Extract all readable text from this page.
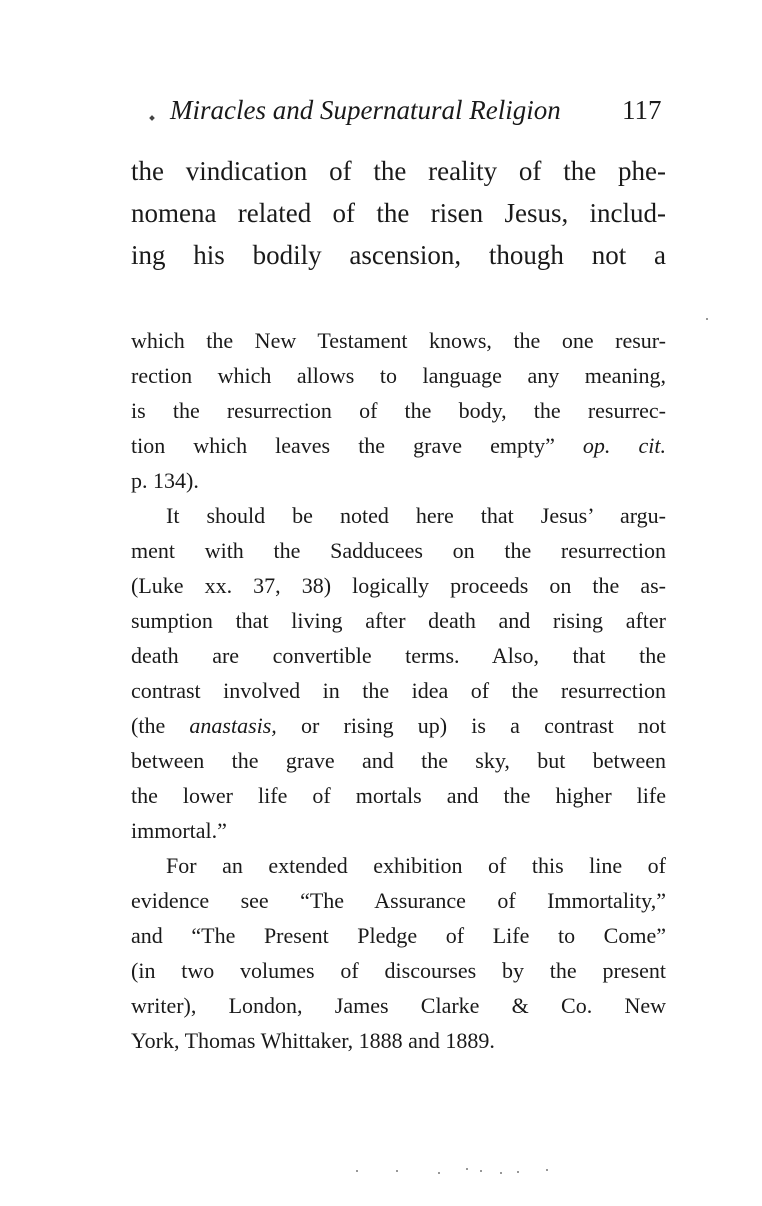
Miracles and Supernatural Religion 117
the vindication of the reality of the phe-
nomena related of the risen Jesus, includ-
ing his bodily ascension, though not a
which the New Testament knows, the one resur-
rection which allows to language any meaning,
is the resurrection of the body, the resurrec-
tion which leaves the grave empty” op. cit.
p. 134).
It should be noted here that Jesus’ argu-
ment with the Sadducees on the resurrection
(Luke xx. 37, 38) logically proceeds on the as-
sumption that living after death and rising after
death are convertible terms. Also, that the
contrast involved in the idea of the resurrection
(the anastasis, or rising up) is a contrast not
between the grave and the sky, but between
the lower life of mortals and the higher life
immortal.”
For an extended exhibition of this line of
evidence see “The Assurance of Immortality,”
and “The Present Pledge of Life to Come”
(in two volumes of discourses by the present
writer), London, James Clarke & Co. New
York, Thomas Whittaker, 1888 and 1889.
